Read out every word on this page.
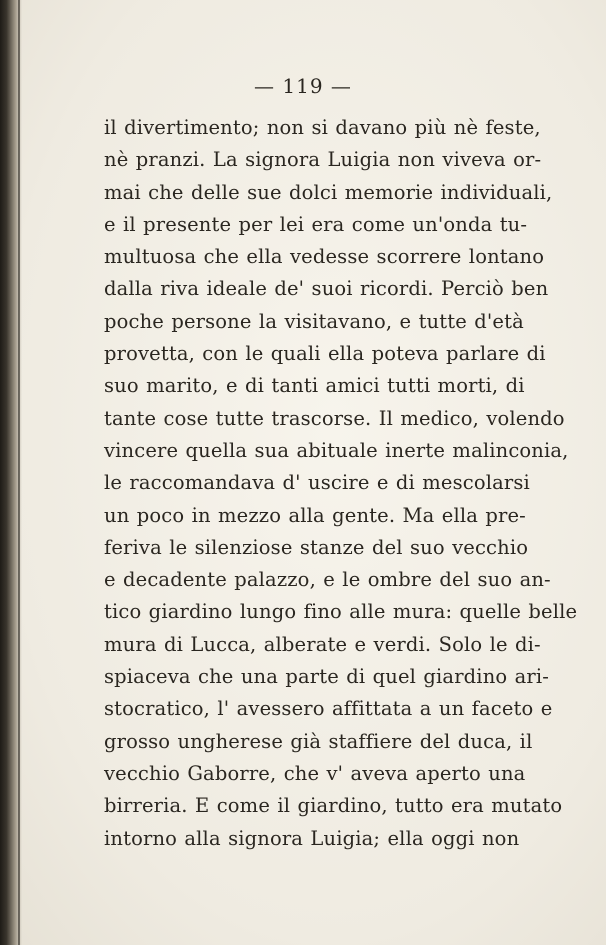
— 119 —
il divertimento; non si davano più nè feste,
nè pranzi. La signora Luigia non viveva or-
mai che delle sue dolci memorie individuali,
e il presente per lei era come un'onda tu-
multuosa che ella vedesse scorrere lontano
dalla riva ideale de' suoi ricordi. Perciò ben
poche persone la visitavano, e tutte d'età
provetta, con le quali ella poteva parlare di
suo marito, e di tanti amici tutti morti, di
tante cose tutte trascorse. Il medico, volendo
vincere quella sua abituale inerte malinconia,
le raccomandava d' uscire e di mescolarsi
un poco in mezzo alla gente. Ma ella pre-
feriva le silenziose stanze del suo vecchio
e decadente palazzo, e le ombre del suo an-
tico giardino lungo fino alle mura: quelle belle
mura di Lucca, alberate e verdi. Solo le di-
spiaceva che una parte di quel giardino ari-
stocratico, l' avessero affittata a un faceto e
grosso ungherese già staffiere del duca, il
vecchio Gaborre, che v' aveva aperto una
birreria. E come il giardino, tutto era mutato
intorno alla signora Luigia; ella oggi non
